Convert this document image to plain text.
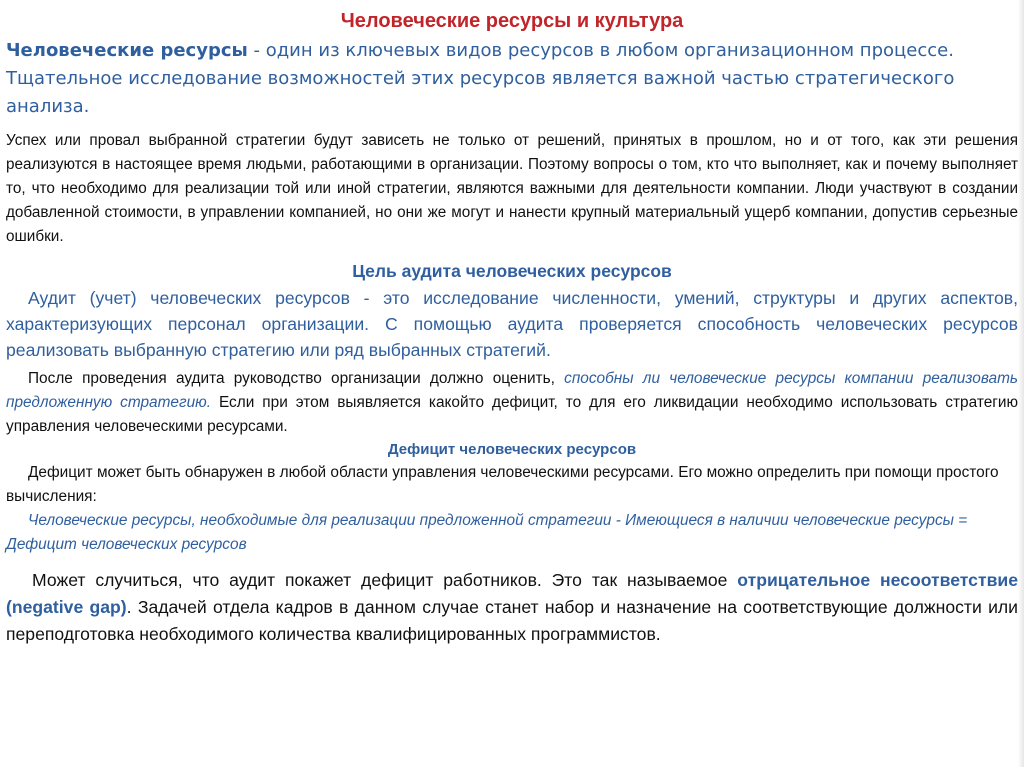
Человеческие ресурсы и культура

Человеческие ресурсы - один из ключевых видов ресурсов в любом организационном процессе. Тщательное исследование возможностей этих ресурсов является важной частью стратегического анализа.

Успех или провал выбранной стратегии будут зависеть не только от решений, принятых в прошлом, но и от того, как эти решения реализуются в настоящее время людьми, работающими в организации. Поэтому вопросы о том, кто что выполняет, как и почему выполняет то, что необходимо для реализации той или иной стратегии, являются важными для деятельности компании. Люди участвуют в создании добавленной стоимости, в управлении компанией, но они же могут и нанести крупный материальный ущерб компании, допустив серьезные ошибки.

Цель аудита человеческих ресурсов

Аудит (учет) человеческих ресурсов - это исследование численности, умений, структуры и других аспектов, характеризующих персонал организации. С помощью аудита проверяется способность человеческих ресурсов реализовать выбранную стратегию или ряд выбранных стратегий.

После проведения аудита руководство организации должно оценить, способны ли человеческие ресурсы компании реализовать предложенную стратегию. Если при этом выявляется какойто дефицит, то для его ликвидации необходимо использовать стратегию управления человеческими ресурсами.

Дефицит человеческих ресурсов

Дефицит может быть обнаружен в любой области управления человеческими ресурсами. Его можно определить при помощи простого вычисления:

Человеческие ресурсы, необходимые для реализации предложенной стратегии - Имеющиеся в наличии человеческие ресурсы = Дефицит человеческих ресурсов

Может случиться, что аудит покажет дефицит работников. Это так называемое отрицательное несоответствие (negative gap). Задачей отдела кадров в данном случае станет набор и назначение на соответствующие должности или переподготовка необходимого количества квалифицированных программистов.
